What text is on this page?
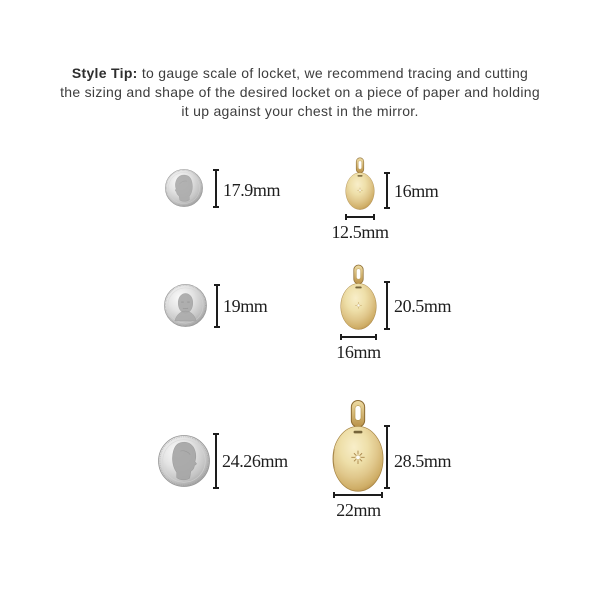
Style Tip: to gauge scale of locket, we recommend tracing and cutting the sizing and shape of the desired locket on a piece of paper and holding it up against your chest in the mirror.

17.9mm	16mm
12.5mm
19mm	20.5mm
16mm
24.26mm	28.5mm
22mm
